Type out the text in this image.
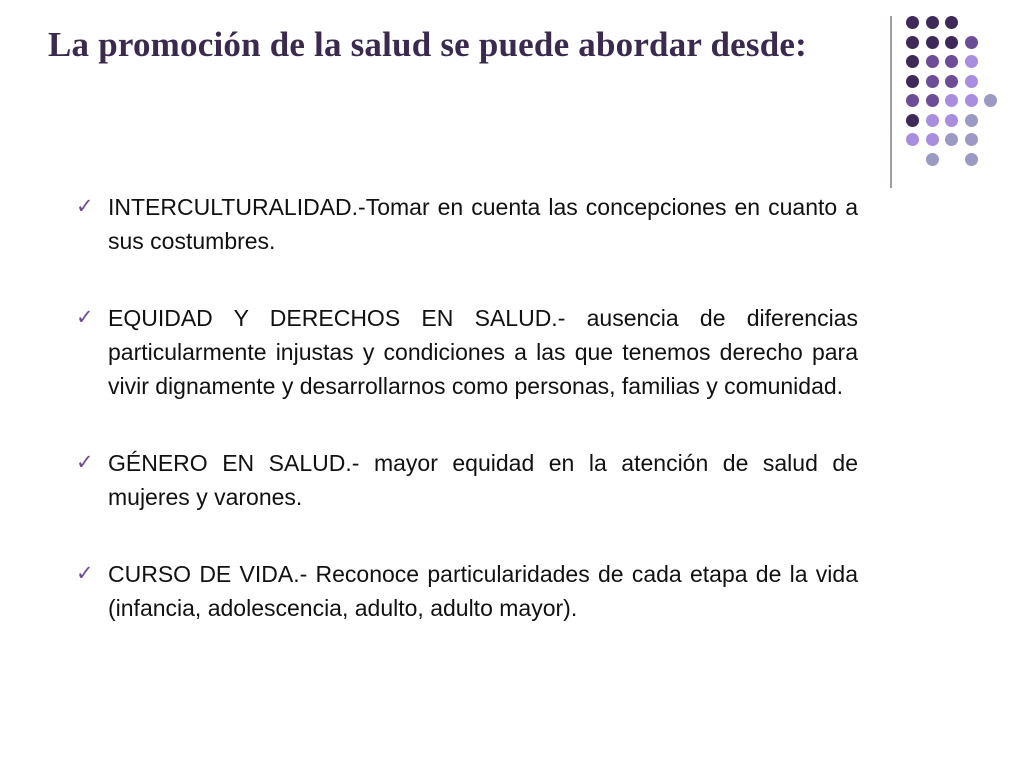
La promoción de la salud se puede abordar desde:
✓ INTERCULTURALIDAD.-Tomar en cuenta las concepciones en cuanto a sus costumbres.

✓ EQUIDAD Y DERECHOS EN SALUD.- ausencia de diferencias particularmente injustas y condiciones a las que tenemos derecho para vivir dignamente y desarrollarnos como personas, familias y comunidad.

✓ GÉNERO EN SALUD.- mayor equidad en la atención de salud de mujeres y varones.

✓ CURSO DE VIDA.- Reconoce particularidades de cada etapa de la vida (infancia, adolescencia, adulto, adulto mayor).
